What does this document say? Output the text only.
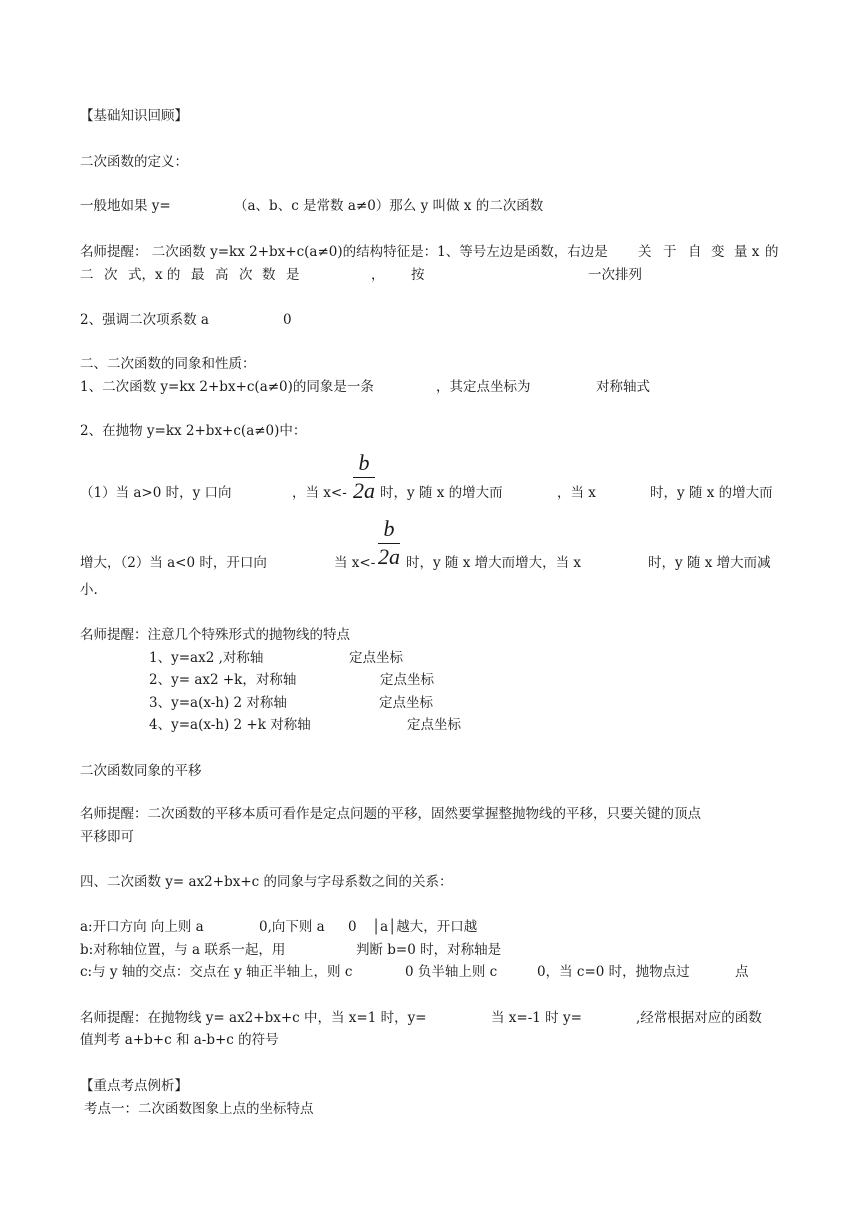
【基础知识回顾】
二次函数的定义：
一般地如果 y=	（a、b、c 是常数 a≠0）那么 y 叫做 x 的二次函数
名师提醒： 二次函数 y=kx 2+bx+c(a≠0)的结构特征是：1、等号左边是函数，右边是 关 于 自 变 量 x 的
二 次 式，x 的 最 高 次 数 是	， 按	一次排列
2、强调二次项系数 a	0
二、二次函数的同象和性质：
1、二次函数 y=kx 2+bx+c(a≠0)的同象是一条	，其定点坐标为	对称轴式
2、在抛物 y=kx 2+bx+c(a≠0)中：
b
2a
（1）当 a>0 时，y 口向	，当 x<- 时，y 随 x 的增大而	，当 x	时，y 随 x 的增大而
b
2a
增大，（2）当 a<0 时，开口向	当 x<- 时，y 随 x 增大而增大，当 x	时，y 随 x 增大而减
小.
名师提醒：注意几个特殊形式的抛物线的特点
1、y=ax2 ,对称轴	定点坐标
2、y= ax2 +k，对称轴	定点坐标
3、y=a(x-h) 2 对称轴	定点坐标
4、y=a(x-h) 2 +k 对称轴	定点坐标
二次函数同象的平移
名师提醒：二次函数的平移本质可看作是定点问题的平移，固然要掌握整抛物线的平移，只要关键的顶点
平移即可
四、二次函数 y= ax2+bx+c 的同象与字母系数之间的关系：
a:开口方向 向上则 a	0,向下则 a 0 │a│越大，开口越
b:对称轴位置，与 a 联系一起，用	判断 b=0 时，对称轴是
c:与 y 轴的交点：交点在 y 轴正半轴上，则 c	0 负半轴上则 c	0，当 c=0 时，抛物点过	点
名师提醒：在抛物线 y= ax2+bx+c 中，当 x=1 时，y=	当 x=-1 时 y=	,经常根据对应的函数
值判考 a+b+c 和 a-b+c 的符号
【重点考点例析】
考点一：二次函数图象上点的坐标特点
